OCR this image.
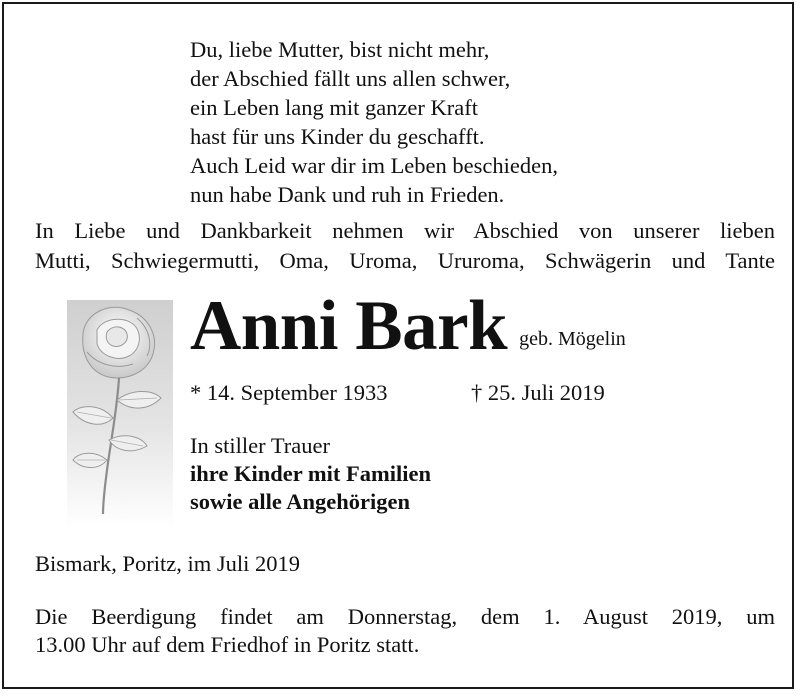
Du, liebe Mutter, bist nicht mehr,
der Abschied fällt uns allen schwer,
ein Leben lang mit ganzer Kraft
hast für uns Kinder du geschafft.
Auch Leid war dir im Leben beschieden,
nun habe Dank und ruh in Frieden.
In Liebe und Dankbarkeit nehmen wir Abschied von unserer lieben
Mutti, Schwiegermutti, Oma, Uroma, Ururoma, Schwägerin und Tante
Anni Bark geb. Mögelin
* 14. September 1933	† 25. Juli 2019
In stiller Trauer
ihre Kinder mit Familien
sowie alle Angehörigen
Bismark, Poritz, im Juli 2019
Die Beerdigung findet am Donnerstag, dem 1. August 2019, um
13.00 Uhr auf dem Friedhof in Poritz statt.
